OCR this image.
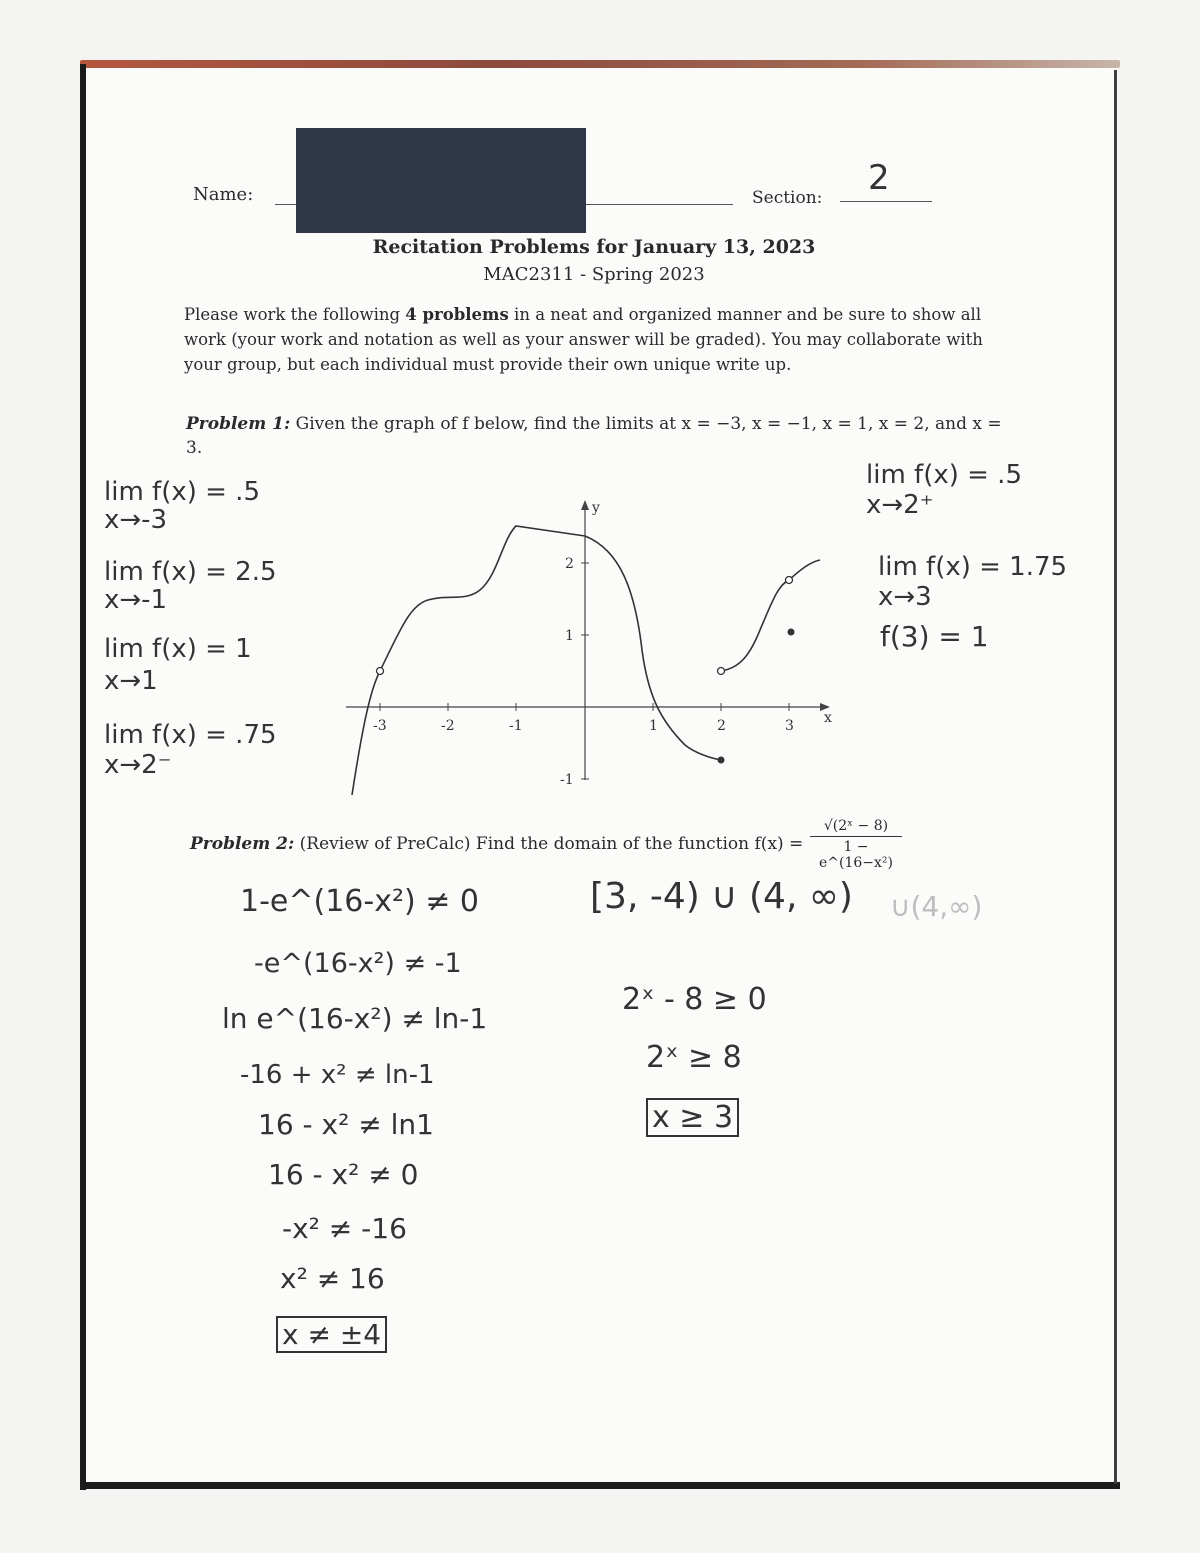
Name:	Section: 2
Recitation Problems for January 13, 2023
MAC2311 - Spring 2023
Please work the following 4 problems in a neat and organized manner and be sure to show all work (your work and notation as well as your answer will be graded). You may collaborate with your group, but each individual must provide their own unique write up.
Problem 1: Given the graph of f below, find the limits at x = −3, x = −1, x = 1, x = 2, and x = 3.
lim f(x) = .5
x→-3
lim f(x) = 2.5
x→-1
lim f(x) = 1
x→1
lim f(x) = .75
x→2⁻
lim f(x) = .5
x→2⁺
lim f(x) = 1.75
x→3
f(3) = 1
-3	-2	-1	1	2	3
2
1
-1
x
y
Problem 2: (Review of PreCalc) Find the domain of the function f(x) =
√(2ˣ − 8)
1 − e^(16−x²)
1-e^(16-x²) ≠ 0
-e^(16-x²) ≠ -1
ln e^(16-x²) ≠ ln-1
-16 + x² ≠ ln-1
16 - x² ≠ ln1
16 - x² ≠ 0
-x² ≠ -16
x² ≠ 16
x ≠ ±4
[3, -4) ∪ (4, ∞) ∪(4,∞)
2ˣ - 8 ≥ 0
2ˣ ≥ 8
x ≥ 3
